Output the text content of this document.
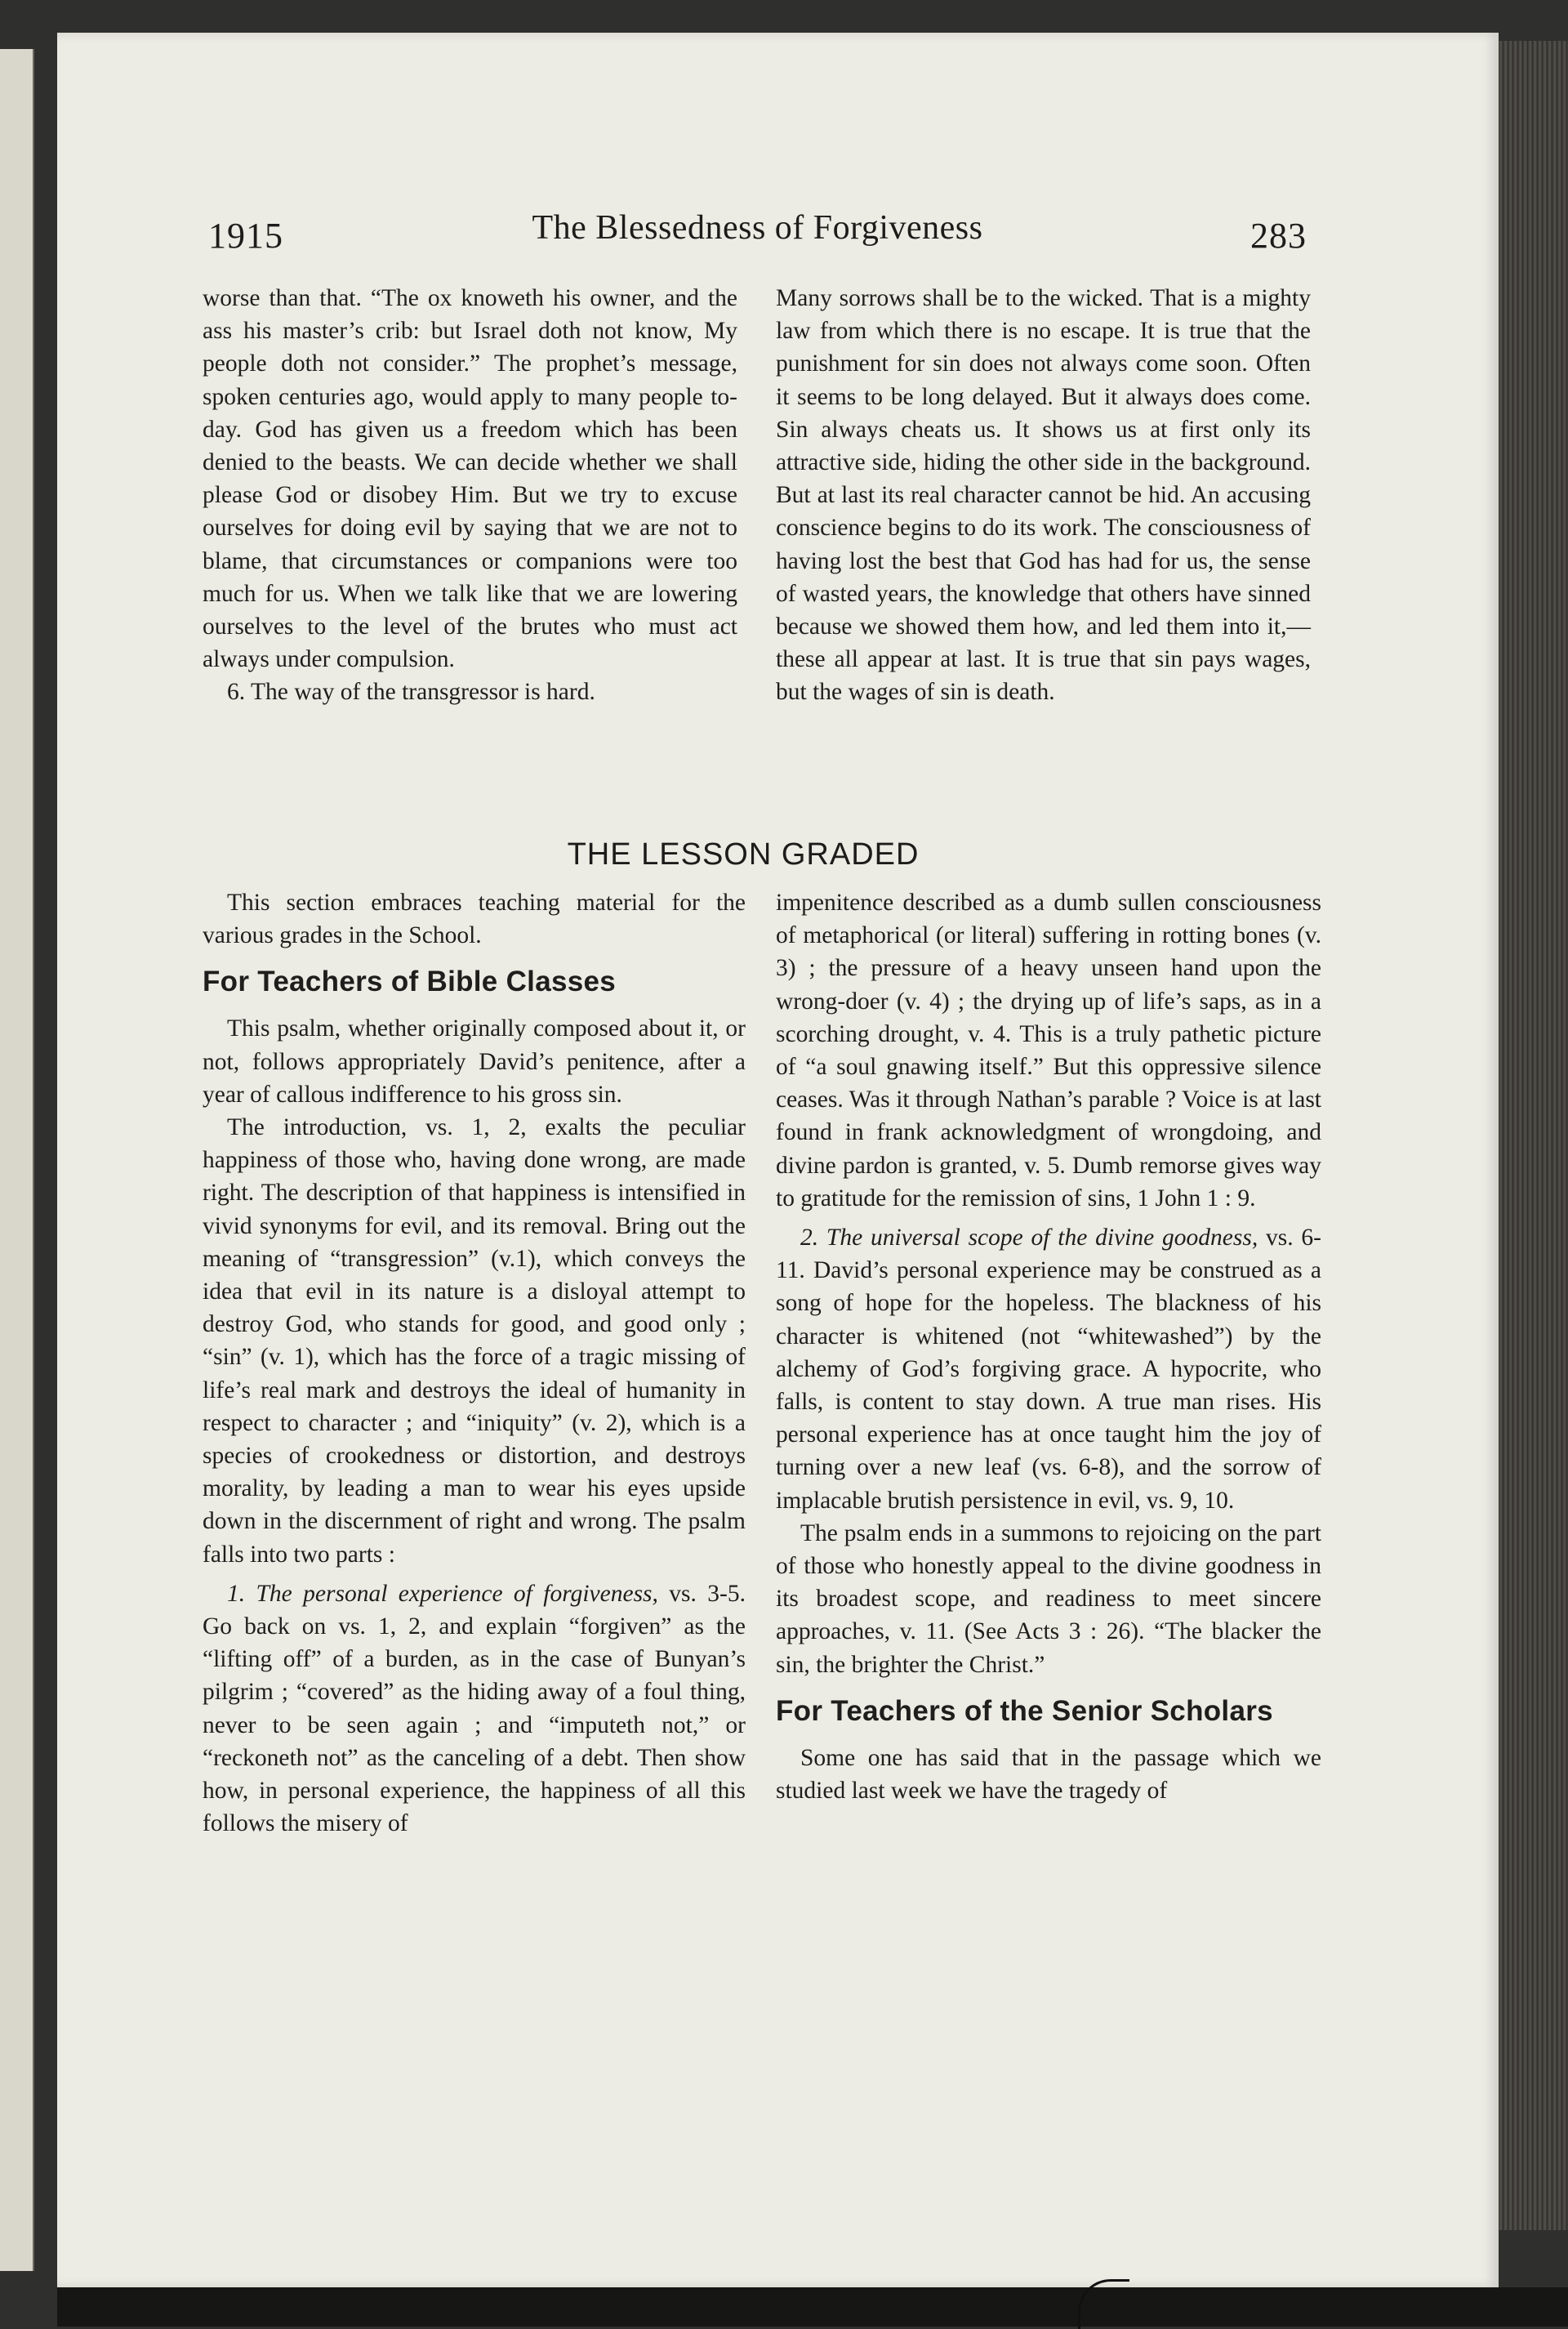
1915	The Blessedness of Forgiveness	283

worse than that. “The ox knoweth his owner, and the ass his master’s crib: but Israel doth not know, My people doth not consider.” The prophet’s message, spoken centuries ago, would apply to many people to-day. God has given us a freedom which has been denied to the beasts. We can decide whether we shall please God or disobey Him. But we try to excuse ourselves for doing evil by saying that we are not to blame, that circumstances or companions were too much for us. When we talk like that we are lowering ourselves to the level of the brutes who must act always under compulsion.

6. The way of the transgressor is hard.

Many sorrows shall be to the wicked. That is a mighty law from which there is no escape. It is true that the punishment for sin does not always come soon. Often it seems to be long delayed. But it always does come. Sin always cheats us. It shows us at first only its attractive side, hiding the other side in the background. But at last its real character cannot be hid. An accusing conscience begins to do its work. The consciousness of having lost the best that God has had for us, the sense of wasted years, the knowledge that others have sinned because we showed them how, and led them into it,—these all appear at last. It is true that sin pays wages, but the wages of sin is death.

THE LESSON GRADED

This section embraces teaching material for the various grades in the School.

For Teachers of Bible Classes

This psalm, whether originally composed about it, or not, follows appropriately David’s penitence, after a year of callous indifference to his gross sin.

The introduction, vs. 1, 2, exalts the peculiar happiness of those who, having done wrong, are made right. The description of that happiness is intensified in vivid synonyms for evil, and its removal. Bring out the meaning of “transgression” (v.1), which conveys the idea that evil in its nature is a disloyal attempt to destroy God, who stands for good, and good only ; “sin” (v. 1), which has the force of a tragic missing of life’s real mark and destroys the ideal of humanity in respect to character ; and “iniquity” (v. 2), which is a species of crookedness or distortion, and destroys morality, by leading a man to wear his eyes upside down in the discernment of right and wrong. The psalm falls into two parts :

1. The personal experience of forgiveness, vs. 3-5. Go back on vs. 1, 2, and explain “forgiven” as the “lifting off” of a burden, as in the case of Bunyan’s pilgrim ; “covered” as the hiding away of a foul thing, never to be seen again ; and “imputeth not,” or “reckoneth not” as the canceling of a debt. Then show how, in personal experience, the happiness of all this follows the misery of

impenitence described as a dumb sullen consciousness of metaphorical (or literal) suffering in rotting bones (v. 3) ; the pressure of a heavy unseen hand upon the wrong-doer (v. 4) ; the drying up of life’s saps, as in a scorching drought, v. 4. This is a truly pathetic picture of “a soul gnawing itself.” But this oppressive silence ceases. Was it through Nathan’s parable ? Voice is at last found in frank acknowledgment of wrongdoing, and divine pardon is granted, v. 5. Dumb remorse gives way to gratitude for the remission of sins, 1 John 1 : 9.

2. The universal scope of the divine goodness, vs. 6-11. David’s personal experience may be construed as a song of hope for the hopeless. The blackness of his character is whitened (not “whitewashed”) by the alchemy of God’s forgiving grace. A hypocrite, who falls, is content to stay down. A true man rises. His personal experience has at once taught him the joy of turning over a new leaf (vs. 6-8), and the sorrow of implacable brutish persistence in evil, vs. 9, 10.

The psalm ends in a summons to rejoicing on the part of those who honestly appeal to the divine goodness in its broadest scope, and readiness to meet sincere approaches, v. 11. (See Acts 3 : 26). “The blacker the sin, the brighter the Christ.”

For Teachers of the Senior Scholars

Some one has said that in the passage which we studied last week we have the tragedy of
